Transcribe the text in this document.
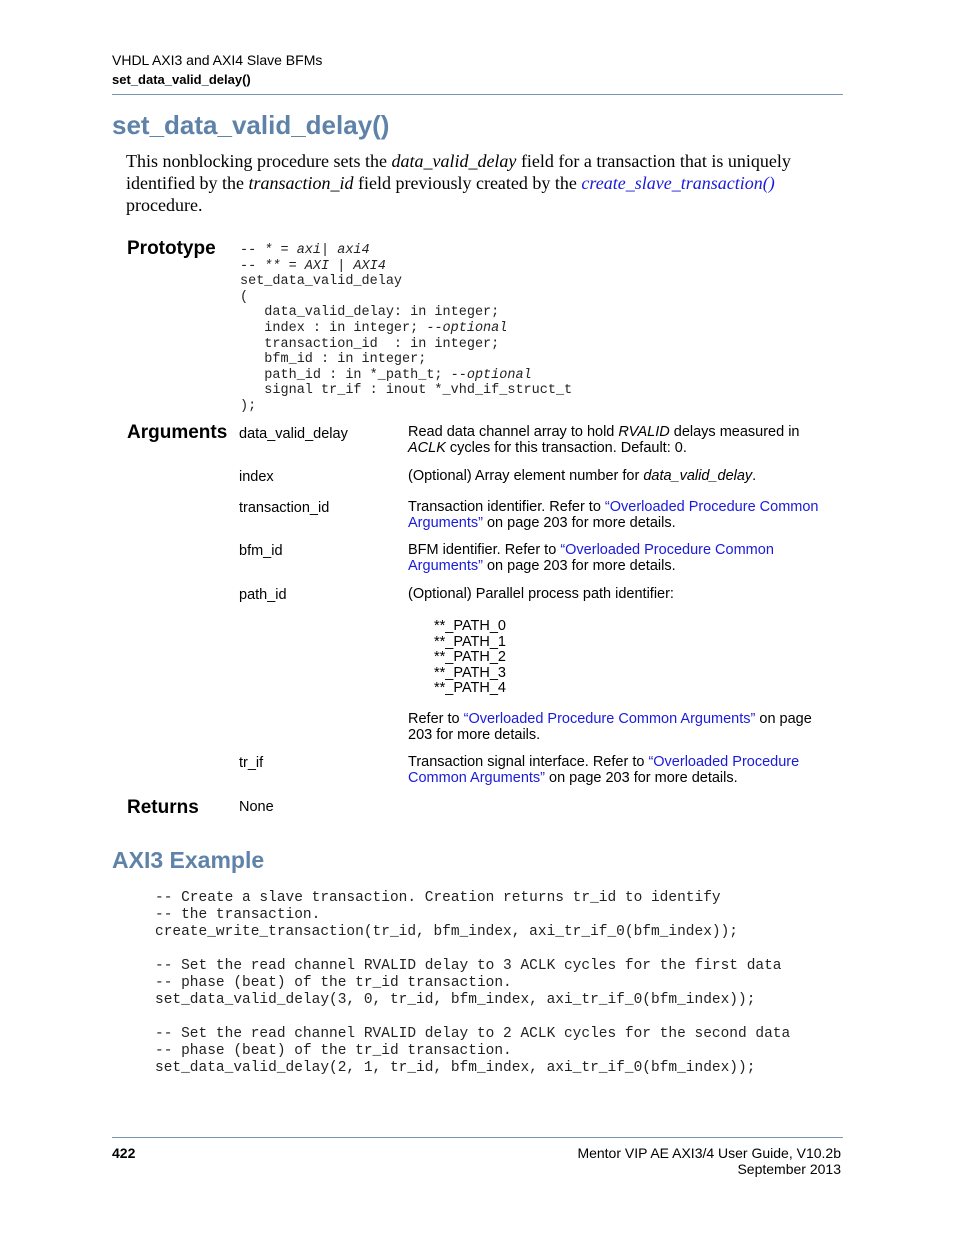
VHDL AXI3 and AXI4 Slave BFMs
set_data_valid_delay()
set_data_valid_delay()
This nonblocking procedure sets the data_valid_delay field for a transaction that is uniquely identified by the transaction_id field previously created by the create_slave_transaction() procedure.
Prototype -- * = axi| axi4
-- ** = AXI | AXI4
set_data_valid_delay
(
data_valid_delay: in integer;
index : in integer; --optional
transaction_id  : in integer;
bfm_id : in integer;
path_id : in *_path_t; --optional
signal tr_if : inout *_vhd_if_struct_t
);
Arguments data_valid_delay	Read data channel array to hold RVALID delays measured in ACLK cycles for this transaction. Default: 0.
index	(Optional) Array element number for data_valid_delay.
transaction_id	Transaction identifier. Refer to “Overloaded Procedure Common Arguments” on page 203 for more details.
bfm_id	BFM identifier. Refer to “Overloaded Procedure Common Arguments” on page 203 for more details.
path_id	(Optional) Parallel process path identifier:
**_PATH_0
**_PATH_1
**_PATH_2
**_PATH_3
**_PATH_4
Refer to “Overloaded Procedure Common Arguments” on page 203 for more details.
tr_if	Transaction signal interface. Refer to “Overloaded Procedure Common Arguments” on page 203 for more details.
Returns	None
AXI3 Example
-- Create a slave transaction. Creation returns tr_id to identify
-- the transaction.
create_write_transaction(tr_id, bfm_index, axi_tr_if_0(bfm_index));
-- Set the read channel RVALID delay to 3 ACLK cycles for the first data
-- phase (beat) of the tr_id transaction.
set_data_valid_delay(3, 0, tr_id, bfm_index, axi_tr_if_0(bfm_index));
-- Set the read channel RVALID delay to 2 ACLK cycles for the second data
-- phase (beat) of the tr_id transaction.
set_data_valid_delay(2, 1, tr_id, bfm_index, axi_tr_if_0(bfm_index));
422	Mentor VIP AE AXI3/4 User Guide, V10.2b
September 2013
